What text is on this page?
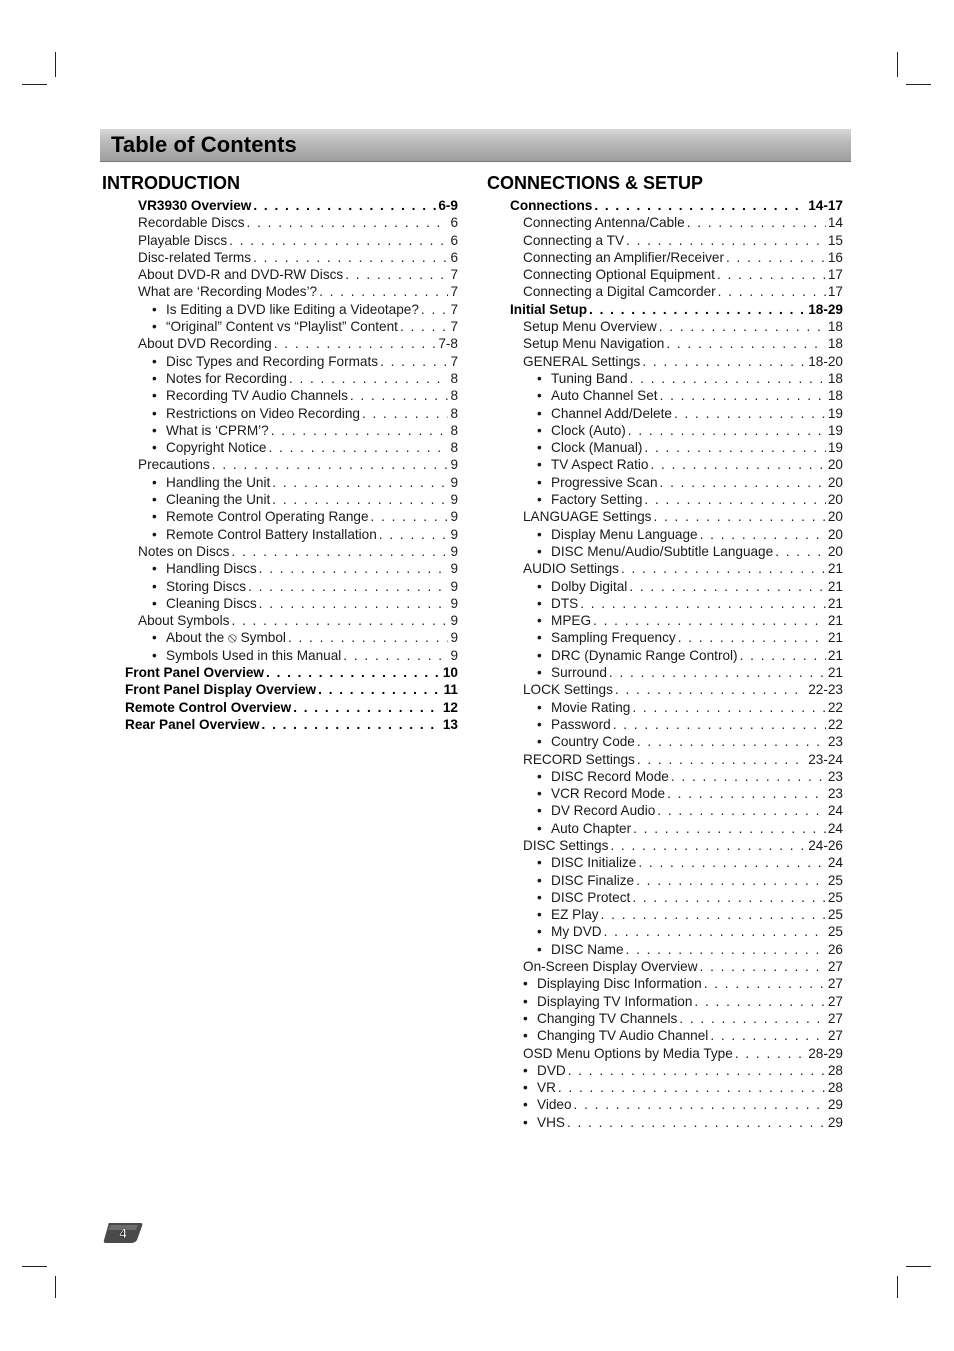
Table of Contents
INTRODUCTION
VR3930 Overview . . .	6-9
Recordable Discs . . .	6
Playable Discs . . .	6
Disc-related Terms . . .	6
About DVD-R and DVD-RW Discs . . .	7
What are ‘Recording Modes’? . . .	7
• Is Editing a DVD like Editing a Videotape? . . . 7
• “Original” Content vs “Playlist” Content . . .	7
About DVD Recording . . .	7-8
• Disc Types and Recording Formats . . .	7
• Notes for Recording . . .	8
• Recording TV Audio Channels . . .	8
• Restrictions on Video Recording . . .	8
• What is ‘CPRM’? . . .	8
• Copyright Notice . . .	8
Precautions . . .	9
• Handling the Unit . . .	9
• Cleaning the Unit . . .	9
• Remote Control Operating Range . . .	9
• Remote Control Battery Installation . . .	9
Notes on Discs . . .	9
• Handling Discs . . .	9
• Storing Discs . . .	9
• Cleaning Discs . . .	9
About Symbols . . .	9
• About the ⦸ Symbol . . .	9
• Symbols Used in this Manual . . .	9
Front Panel Overview . . .	10
Front Panel Display Overview . . .	11
Remote Control Overview . . .	12
Rear Panel Overview . . .	13
CONNECTIONS & SETUP
Connections . . .	14-17
Connecting Antenna/Cable . . .	14
Connecting a TV . . .	15
Connecting an Amplifier/Receiver . . .	16
Connecting Optional Equipment . . .	17
Connecting a Digital Camcorder . . .	17
Initial Setup . . .	18-29
Setup Menu Overview . . .	18
Setup Menu Navigation . . .	18
GENERAL Settings . . .	18-20
• Tuning Band . . .	18
• Auto Channel Set . . .	18
• Channel Add/Delete . . .	19
• Clock (Auto) . . .	19
• Clock (Manual) . . .	19
• TV Aspect Ratio . . .	20
• Progressive Scan . . .	20
• Factory Setting . . .	20
LANGUAGE Settings . . .	20
• Display Menu Language . . .	20
• DISC Menu/Audio/Subtitle Language . . .	20
AUDIO Settings . . .	21
• Dolby Digital . . .	21
• DTS . . .	21
• MPEG . . .	21
• Sampling Frequency . . .	21
• DRC (Dynamic Range Control) . . .	21
• Surround . . .	21
LOCK Settings . . .	22-23
• Movie Rating . . .	22
• Password . . .	22
• Country Code . . .	23
RECORD Settings . . .	23-24
• DISC Record Mode . . .	23
• VCR Record Mode . . .	23
• DV Record Audio . . .	24
• Auto Chapter . . .	24
DISC Settings . . .	24-26
• DISC Initialize . . .	24
• DISC Finalize . . .	25
• DISC Protect . . .	25
• EZ Play . . .	25
• My DVD . . .	25
• DISC Name . . .	26
On-Screen Display Overview . . .	27
• Displaying Disc Information . . .	27
• Displaying TV Information . . .	27
• Changing TV Channels . . .	27
• Changing TV Audio Channel . . .	27
OSD Menu Options by Media Type . . .	28-29
• DVD . . .	28
• VR . . .	28
• Video . . .	29
• VHS . . .	29
4
